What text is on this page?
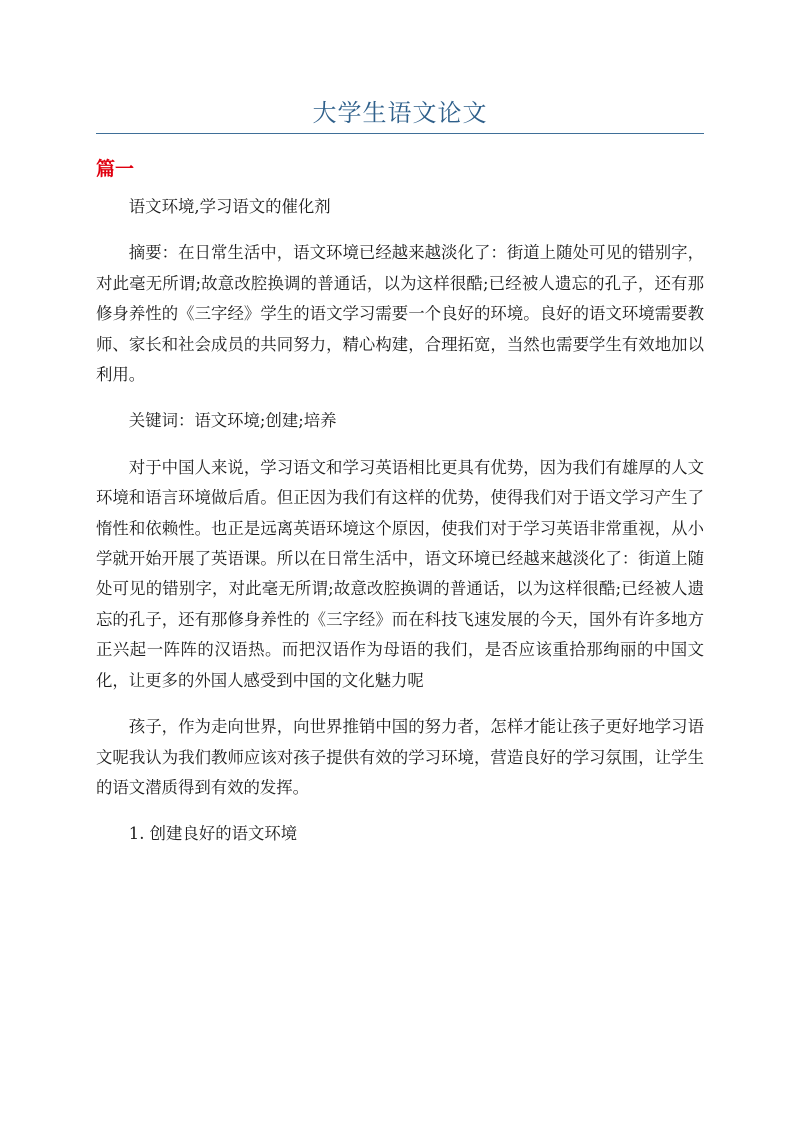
大学生语文论文
篇一

语文环境,学习语文的催化剂

摘要：在日常生活中，语文环境已经越来越淡化了：街道上随处可见的错别字，对此毫无所谓;故意改腔换调的普通话，以为这样很酷;已经被人遗忘的孔子，还有那修身养性的《三字经》学生的语文学习需要一个良好的环境。良好的语文环境需要教师、家长和社会成员的共同努力，精心构建，合理拓宽，当然也需要学生有效地加以利用。

关键词：语文环境;创建;培养

对于中国人来说，学习语文和学习英语相比更具有优势，因为我们有雄厚的人文环境和语言环境做后盾。但正因为我们有这样的优势，使得我们对于语文学习产生了惰性和依赖性。也正是远离英语环境这个原因，使我们对于学习英语非常重视，从小学就开始开展了英语课。所以在日常生活中，语文环境已经越来越淡化了：街道上随处可见的错别字，对此毫无所谓;故意改腔换调的普通话，以为这样很酷;已经被人遗忘的孔子，还有那修身养性的《三字经》而在科技飞速发展的今天，国外有许多地方正兴起一阵阵的汉语热。而把汉语作为母语的我们，是否应该重拾那绚丽的中国文化，让更多的外国人感受到中国的文化魅力呢

孩子，作为走向世界，向世界推销中国的努力者，怎样才能让孩子更好地学习语文呢我认为我们教师应该对孩子提供有效的学习环境，营造良好的学习氛围，让学生的语文潜质得到有效的发挥。

1. 创建良好的语文环境
